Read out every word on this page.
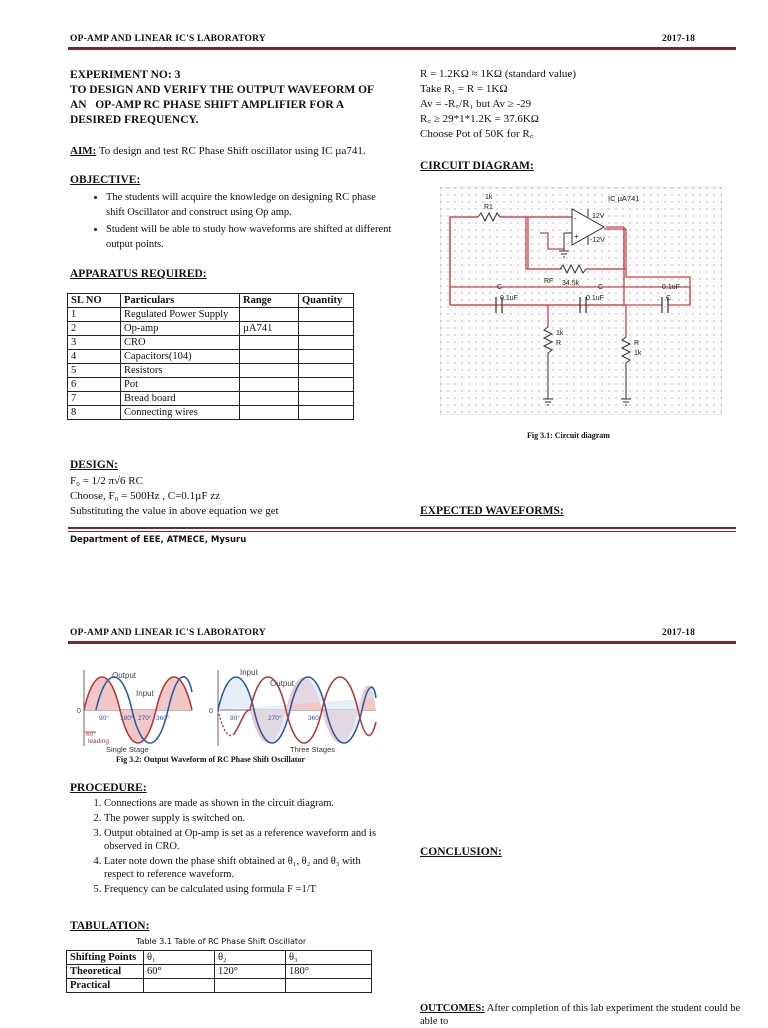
OP-AMP AND LINEAR IC'S LABORATORY	2017-18
EXPERIMENT NO: 3
TO DESIGN AND VERIFY THE OUTPUT WAVEFORM OF
AN   OP-AMP RC PHASE SHIFT AMPLIFIER FOR A
DESIRED FREQUENCY.
AIM: To design and test RC Phase Shift oscillator using IC µa741.
OBJECTIVE:
• The students will acquire the knowledge on designing RC phase shift Oscillator and construct using Op amp.
• Student will be able to study how waveforms are shifted at different output points.
APPARATUS REQUIRED:
SL NO	Particulars	Range	Quantity
1	Regulated Power Supply		
2	Op-amp	µA741	
3	CRO		
4	Capacitors(104)		
5	Resistors		
6	Pot		
7	Bread board		
8	Connecting wires		
DESIGN:
F₀ = 1/2 π√6 RC
Choose, F₀ = 500Hz , C=0.1µF zz
Substituting the value in above equation we get
R = 1.2KΩ ≈ 1KΩ (standard value)
Take R₁ = R = 1KΩ
Av = -R꜀/R₁ but Av ≥ -29
R꜀ ≥ 29*1*1.2K = 37.6KΩ
Choose Pot of 50K for R꜀
CIRCUIT DIAGRAM:
1k
R1
-
+
12V
-12V
IC µA741
RF 34.5k
C
0.1uF
C
0.1uF	C
0.1uF
1k
R	R
1k
Fig 3.1: Circuit diagram
EXPECTED WAVEFORMS:
Department of EEE, ATMECE, Mysuru
OP-AMP AND LINEAR IC'S LABORATORY	2017-18
Output
Input
0
90° 180° 270° 360°
60°
leading
Single Stage
Input
Output
0
90°	270°	360°
Three Stages
Fig 3.2: Output Waveform of RC Phase Shift Oscillator
PROCEDURE:
1. Connections are made as shown in the circuit diagram.
2. The power supply is switched on.
3. Output obtained at Op-amp is set as a reference waveform and is observed in CRO.
4. Later note down the phase shift obtained at θ₁, θ₂ and θ₃ with respect to reference waveform.
5. Frequency can be calculated using formula F =1/T
TABULATION:
Table 3.1 Table of RC Phase Shift Oscillator
Shifting Points	θ₁	θ₂	θ₃
Theoretical	60°	120°	180°
Practical			
CONCLUSION:
OUTCOMES: After completion of this lab experiment the student could be able to
